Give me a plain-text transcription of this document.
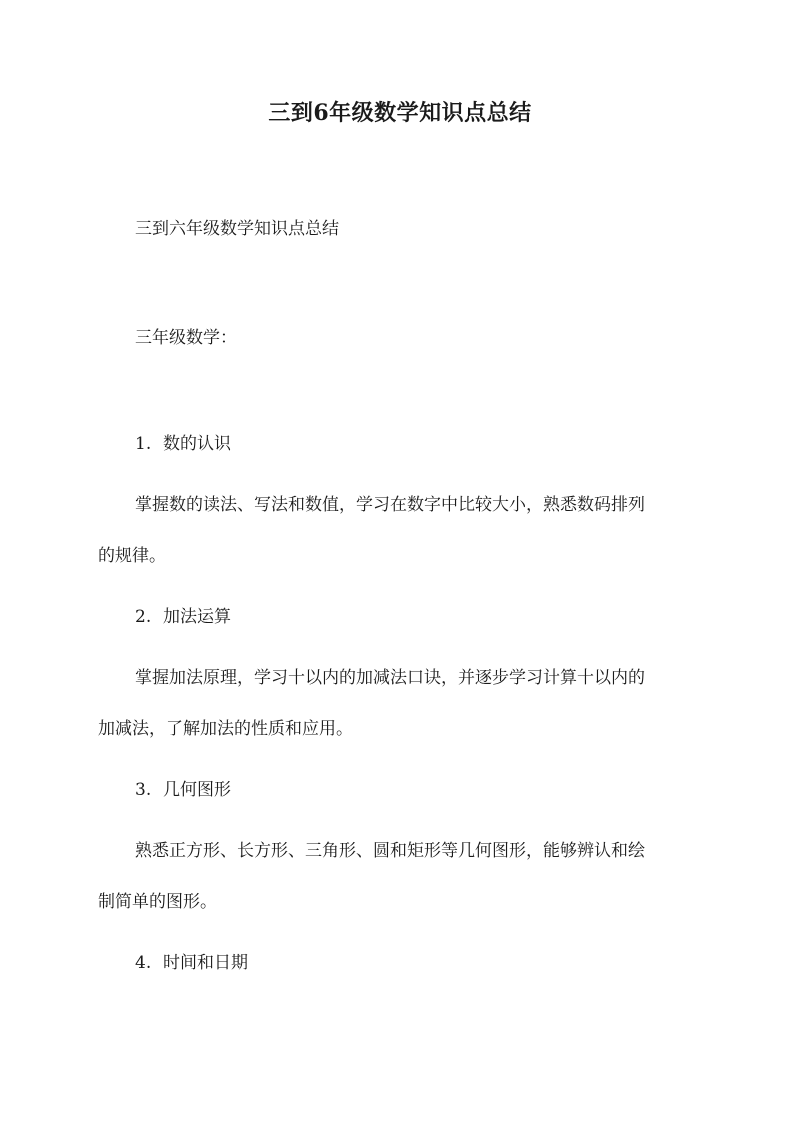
三到6年级数学知识点总结
三到六年级数学知识点总结
三年级数学：
1. 数的认识
掌握数的读法、写法和数值，学习在数字中比较大小，熟悉数码排列
的规律。
2. 加法运算
掌握加法原理，学习十以内的加减法口诀，并逐步学习计算十以内的
加减法，了解加法的性质和应用。
3. 几何图形
熟悉正方形、长方形、三角形、圆和矩形等几何图形，能够辨认和绘
制简单的图形。
4. 时间和日期
